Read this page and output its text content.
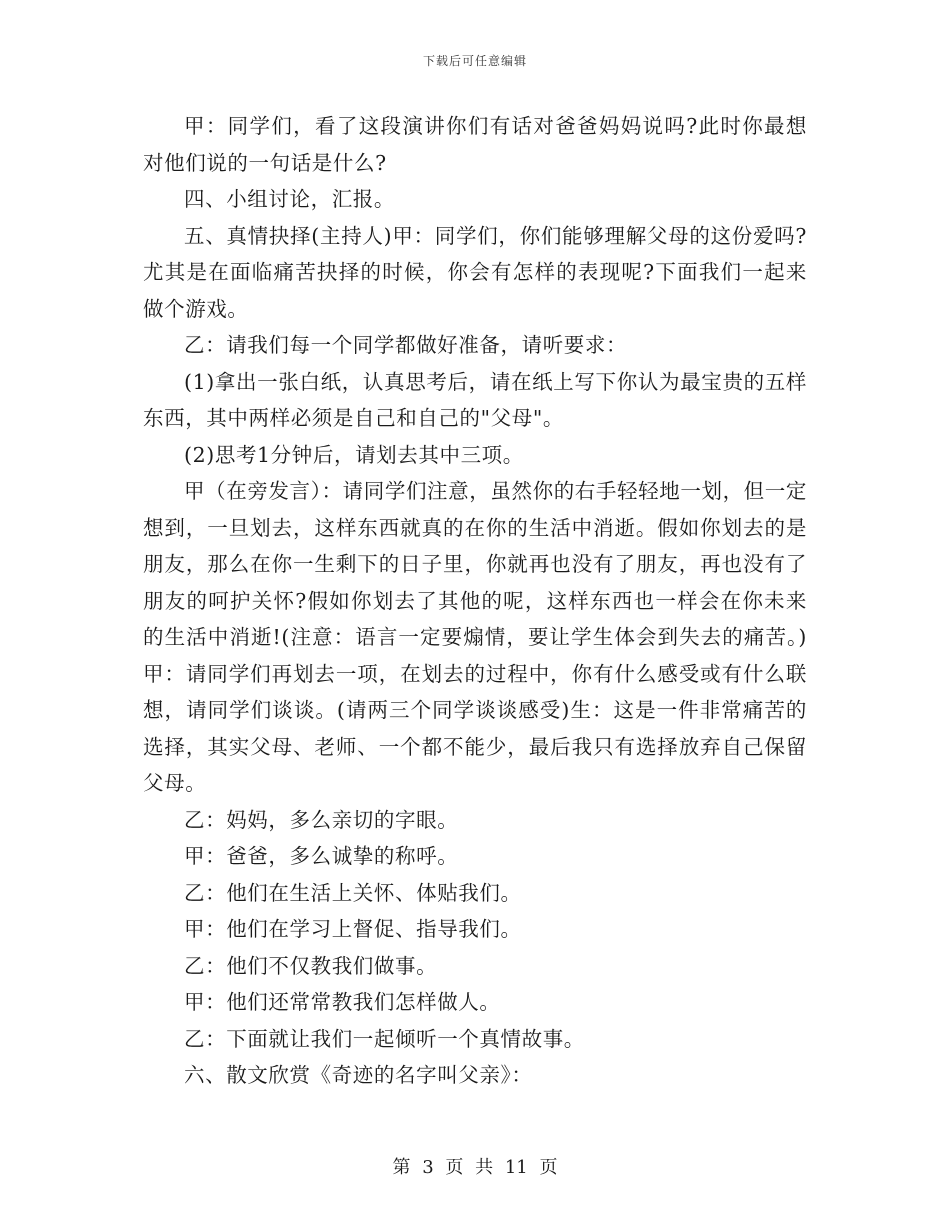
下载后可任意编辑

甲：同学们，看了这段演讲你们有话对爸爸妈妈说吗?此时你最想对他们说的一句话是什么?

四、小组讨论，汇报。

五、真情抉择(主持人)甲：同学们，你们能够理解父母的这份爱吗?尤其是在面临痛苦抉择的时候，你会有怎样的表现呢?下面我们一起来做个游戏。

乙：请我们每一个同学都做好准备，请听要求：

(1)拿出一张白纸，认真思考后，请在纸上写下你认为最宝贵的五样东西，其中两样必须是自己和自己的"父母"。

(2)思考1分钟后，请划去其中三项。

甲（在旁发言）：请同学们注意，虽然你的右手轻轻地一划，但一定想到，一旦划去，这样东西就真的在你的生活中消逝。假如你划去的是朋友，那么在你一生剩下的日子里，你就再也没有了朋友，再也没有了朋友的呵护关怀?假如你划去了其他的呢，这样东西也一样会在你未来的生活中消逝!(注意：语言一定要煽情，要让学生体会到失去的痛苦。)甲：请同学们再划去一项，在划去的过程中，你有什么感受或有什么联想，请同学们谈谈。(请两三个同学谈谈感受)生：这是一件非常痛苦的选择，其实父母、老师、一个都不能少，最后我只有选择放弃自己保留父母。

乙：妈妈，多么亲切的字眼。

甲：爸爸，多么诚挚的称呼。

乙：他们在生活上关怀、体贴我们。

甲：他们在学习上督促、指导我们。

乙：他们不仅教我们做事。

甲：他们还常常教我们怎样做人。

乙：下面就让我们一起倾听一个真情故事。

六、散文欣赏《奇迹的名字叫父亲》：

第 3 页 共 11 页
